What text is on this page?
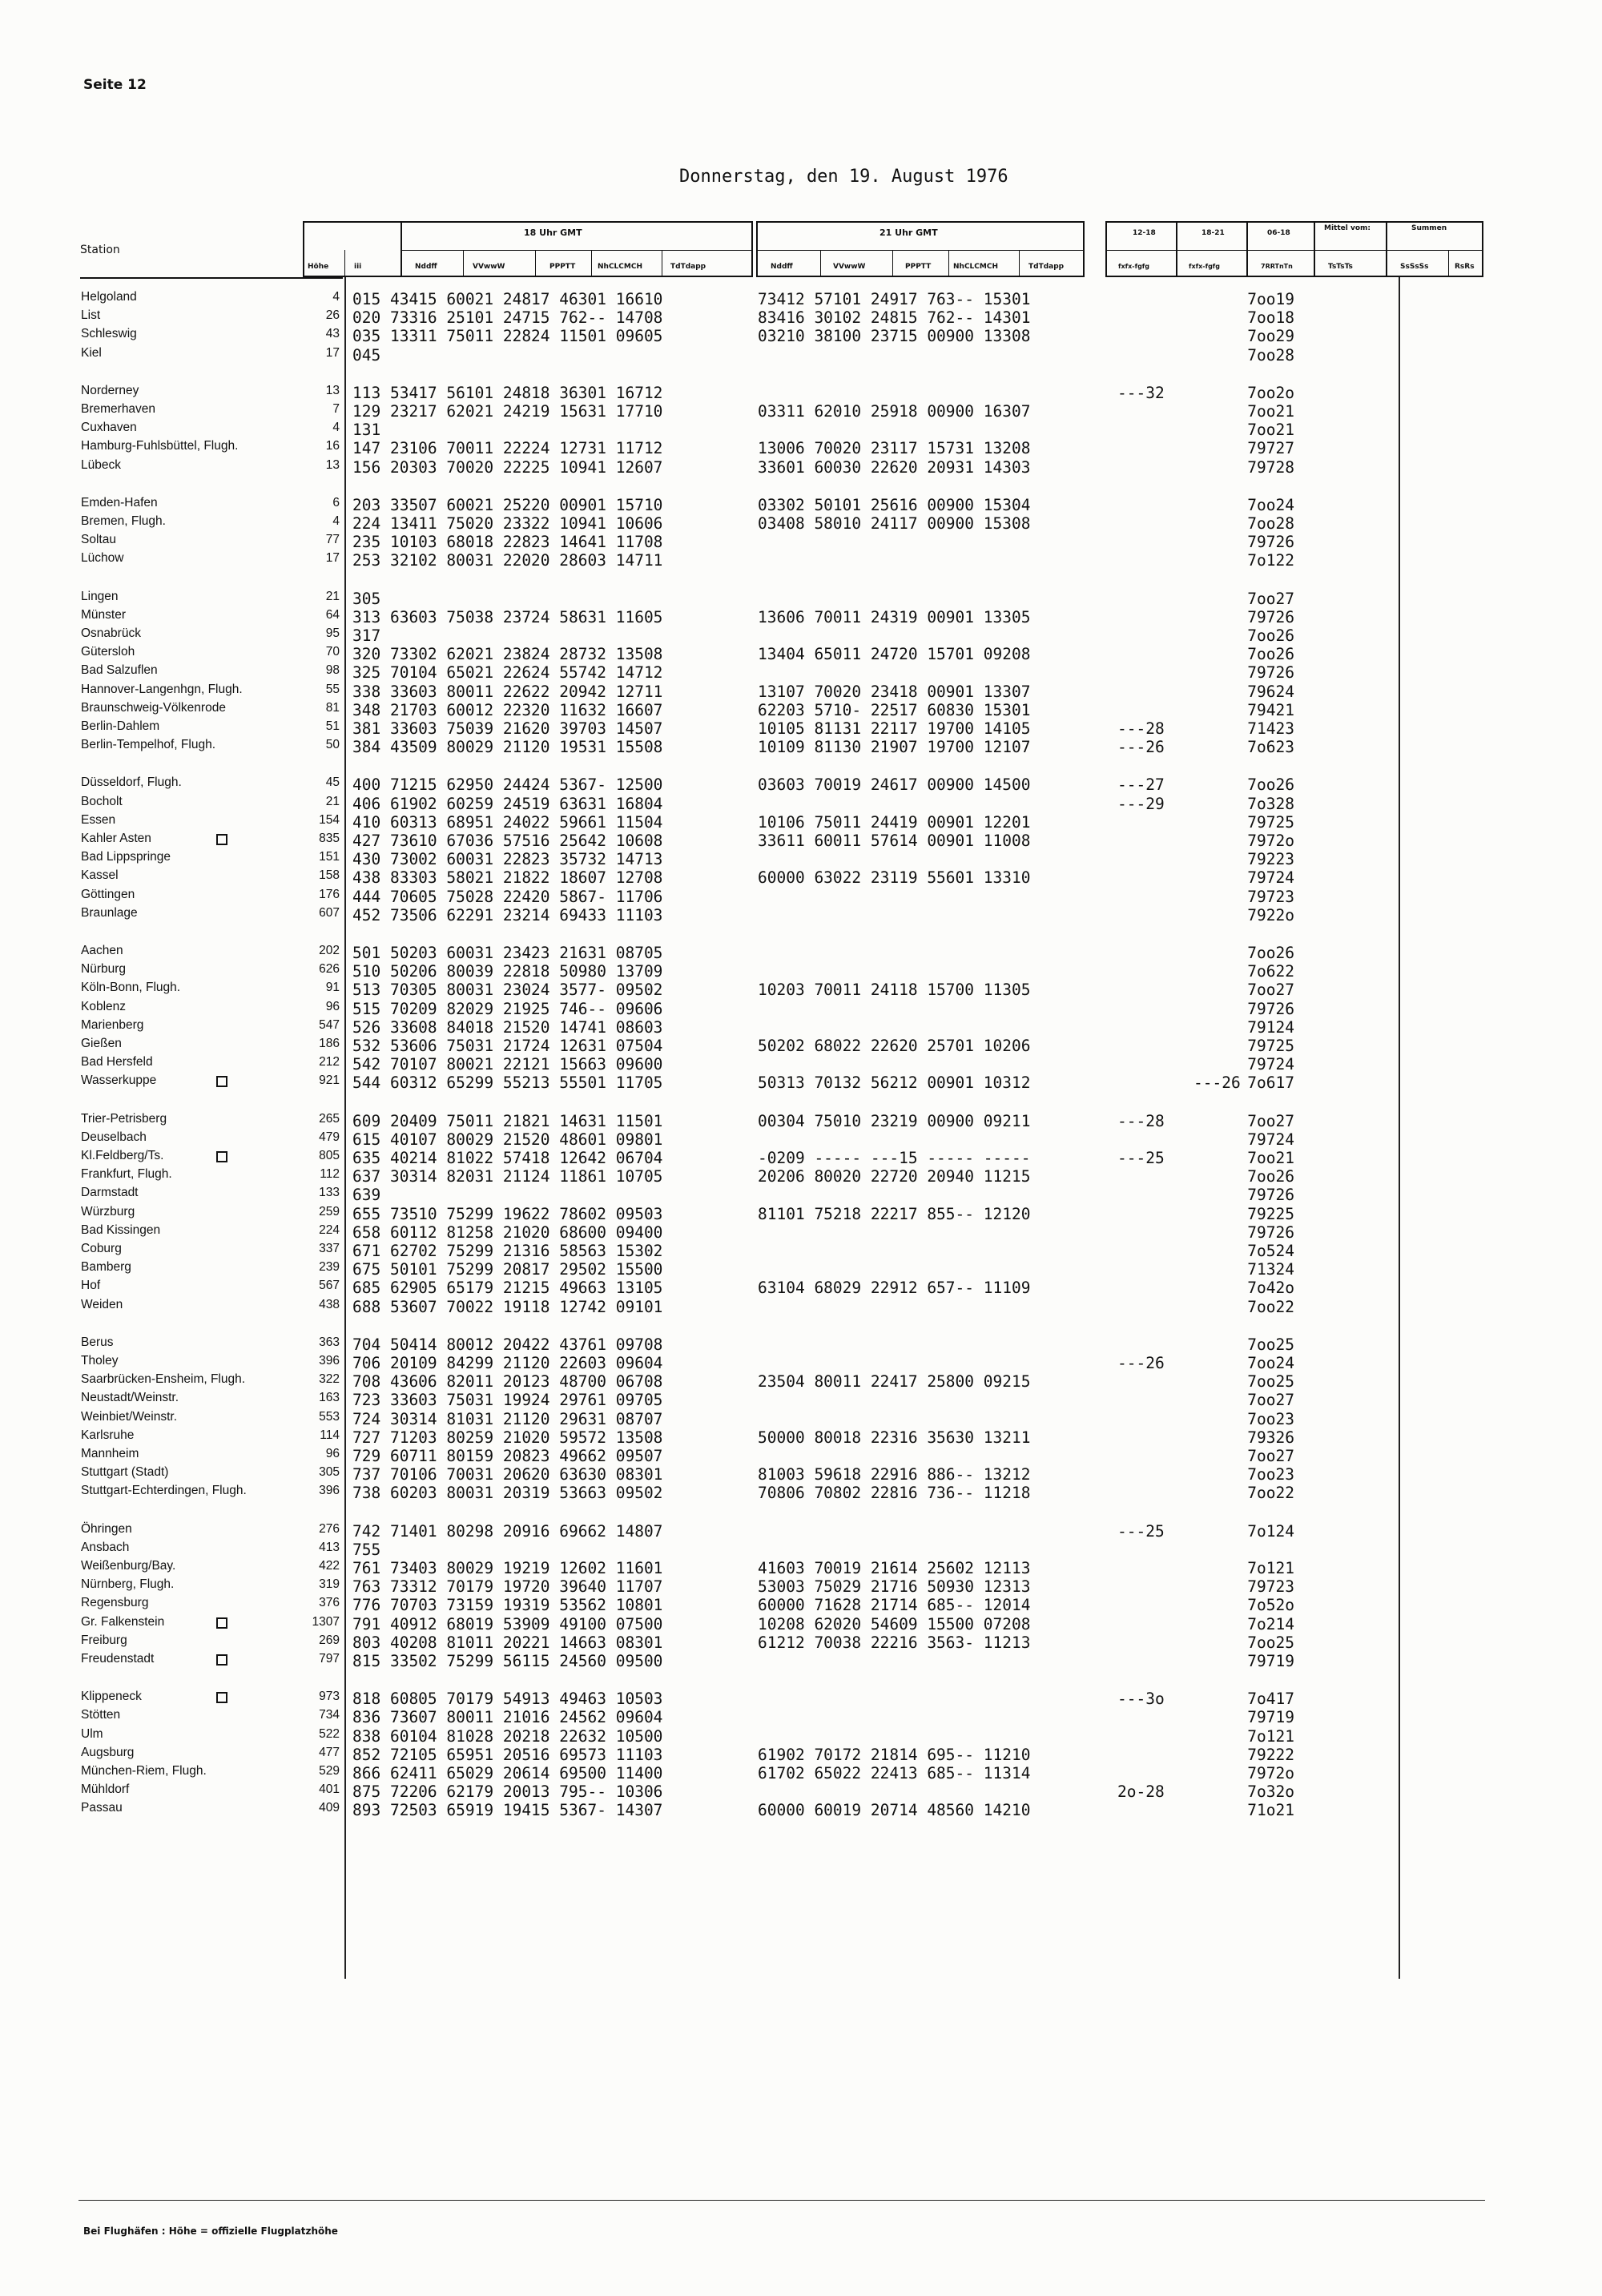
Seite 12
Donnerstag, den 19. August 1976
Station
Höhe	iii
18 Uhr GMT
Nddff	VVwwW	PPPTT	NhCLCMCH	TdTdapp
21 Uhr GMT
Nddff	VVwwW	PPPTT	NhCLCMCH	TdTdapp
12-18	18-21	06-18
fxfx-fgfg	fxfx-fgfg	7RRTnTn
Mittel vom:
TsTsTs
Summen
SsSsSs	RsRs
Helgoland	4 015 43415 60021 24817 46301 16610	73412 57101 24917 763-- 15301	7oo19
List	26 020 73316 25101 24715 762-- 14708	83416 30102 24815 762-- 14301	7oo18
Schleswig	43 035 13311 75011 22824 11501 09605	03210 38100 23715 00900 13308	7oo29
Kiel	17 045	7oo28
Norderney	13 113 53417 56101 24818 36301 16712	---32	7oo2o
Bremerhaven	7 129 23217 62021 24219 15631 17710	03311 62010 25918 00900 16307	7oo21
Cuxhaven	4 131	7oo21
Hamburg-Fuhlsbüttel, Flugh.	16 147 23106 70011 22224 12731 11712	13006 70020 23117 15731 13208	79727
Lübeck	13 156 20303 70020 22225 10941 12607	33601 60030 22620 20931 14303	79728
Emden-Hafen	6 203 33507 60021 25220 00901 15710	03302 50101 25616 00900 15304	7oo24
Bremen, Flugh.	4 224 13411 75020 23322 10941 10606	03408 58010 24117 00900 15308	7oo28
Soltau	77 235 10103 68018 22823 14641 11708	79726
Lüchow	17 253 32102 80031 22020 28603 14711	7o122
Lingen	21 305	7oo27
Münster	64 313 63603 75038 23724 58631 11605	13606 70011 24319 00901 13305	79726
Osnabrück	95 317	7oo26
Gütersloh	70 320 73302 62021 23824 28732 13508	13404 65011 24720 15701 09208	7oo26
Bad Salzuflen	98 325 70104 65021 22624 55742 14712	79726
Hannover-Langenhgn, Flugh.	55 338 33603 80011 22622 20942 12711	13107 70020 23418 00901 13307	79624
Braunschweig-Völkenrode	81 348 21703 60012 22320 11632 16607	62203 5710- 22517 60830 15301	79421
Berlin-Dahlem	51 381 33603 75039 21620 39703 14507	10105 81131 22117 19700 14105	---28	71423
Berlin-Tempelhof, Flugh.	50 384 43509 80029 21120 19531 15508	10109 81130 21907 19700 12107	---26	7o623
Düsseldorf, Flugh.	45 400 71215 62950 24424 5367- 12500	03603 70019 24617 00900 14500	---27	7oo26
Bocholt	21 406 61902 60259 24519 63631 16804	---29	7o328
Essen	154 410 60313 68951 24022 59661 11504	10106 75011 24419 00901 12201	79725
Kahler Asten	835 427 73610 67036 57516 25642 10608	33611 60011 57614 00901 11008	7972o
Bad Lippspringe	151 430 73002 60031 22823 35732 14713	79223
Kassel	158 438 83303 58021 21822 18607 12708	60000 63022 23119 55601 13310	79724
Göttingen	176 444 70605 75028 22420 5867- 11706	79723
Braunlage	607 452 73506 62291 23214 69433 11103	7922o
Aachen	202 501 50203 60031 23423 21631 08705	7oo26
Nürburg	626 510 50206 80039 22818 50980 13709	7o622
Köln-Bonn, Flugh.	91 513 70305 80031 23024 3577- 09502	10203 70011 24118 15700 11305	7oo27
Koblenz	96 515 70209 82029 21925 746-- 09606	79726
Marienberg	547 526 33608 84018 21520 14741 08603	79124
Gießen	186 532 53606 75031 21724 12631 07504	50202 68022 22620 25701 10206	79725
Bad Hersfeld	212 542 70107 80021 22121 15663 09600	79724
Wasserkuppe	921 544 60312 65299 55213 55501 11705	50313 70132 56212 00901 10312	---26 7o617
Trier-Petrisberg	265 609 20409 75011 21821 14631 11501	00304 75010 23219 00900 09211	---28	7oo27
Deuselbach	479 615 40107 80029 21520 48601 09801	79724
Kl.Feldberg/Ts.	805 635 40214 81022 57418 12642 06704	-0209 ----- ---15 ----- -----	---25	7oo21
Frankfurt, Flugh.	112 637 30314 82031 21124 11861 10705	20206 80020 22720 20940 11215	7oo26
Darmstadt	133 639	79726
Würzburg	259 655 73510 75299 19622 78602 09503	81101 75218 22217 855-- 12120	79225
Bad Kissingen	224 658 60112 81258 21020 68600 09400	79726
Coburg	337 671 62702 75299 21316 58563 15302	7o524
Bamberg	239 675 50101 75299 20817 29502 15500	71324
Hof	567 685 62905 65179 21215 49663 13105	63104 68029 22912 657-- 11109	7o42o
Weiden	438 688 53607 70022 19118 12742 09101	7oo22
Berus	363 704 50414 80012 20422 43761 09708	7oo25
Tholey	396 706 20109 84299 21120 22603 09604	---26	7oo24
Saarbrücken-Ensheim, Flugh.	322 708 43606 82011 20123 48700 06708	23504 80011 22417 25800 09215	7oo25
Neustadt/Weinstr.	163 723 33603 75031 19924 29761 09705	7oo27
Weinbiet/Weinstr.	553 724 30314 81031 21120 29631 08707	7oo23
Karlsruhe	114 727 71203 80259 21020 59572 13508	50000 80018 22316 35630 13211	79326
Mannheim	96 729 60711 80159 20823 49662 09507	7oo27
Stuttgart (Stadt)	305 737 70106 70031 20620 63630 08301	81003 59618 22916 886-- 13212	7oo23
Stuttgart-Echterdingen, Flugh.	396 738 60203 80031 20319 53663 09502	70806 70802 22816 736-- 11218	7oo22
Öhringen	276 742 71401 80298 20916 69662 14807	---25	7o124
Ansbach	413 755
Weißenburg/Bay.	422 761 73403 80029 19219 12602 11601	41603 70019 21614 25602 12113	7o121
Nürnberg, Flugh.	319 763 73312 70179 19720 39640 11707	53003 75029 21716 50930 12313	79723
Regensburg	376 776 70703 73159 19319 53562 10801	60000 71628 21714 685-- 12014	7o52o
Gr. Falkenstein	1307 791 40912 68019 53909 49100 07500	10208 62020 54609 15500 07208	7o214
Freiburg	269 803 40208 81011 20221 14663 08301	61212 70038 22216 3563- 11213	7oo25
Freudenstadt	797 815 33502 75299 56115 24560 09500	79719
Klippeneck	973 818 60805 70179 54913 49463 10503	---3o	7o417
Stötten	734 836 73607 80011 21016 24562 09604	79719
Ulm	522 838 60104 81028 20218 22632 10500	7o121
Augsburg	477 852 72105 65951 20516 69573 11103	61902 70172 21814 695-- 11210	79222
München-Riem, Flugh.	529 866 62411 65029 20614 69500 11400	61702 65022 22413 685-- 11314	7972o
Mühldorf	401 875 72206 62179 20013 795-- 10306	2o-28	7o32o
Passau	409 893 72503 65919 19415 5367- 14307	60000 60019 20714 48560 14210	71o21
Bei Flughäfen : Höhe = offizielle Flugplatzhöhe
